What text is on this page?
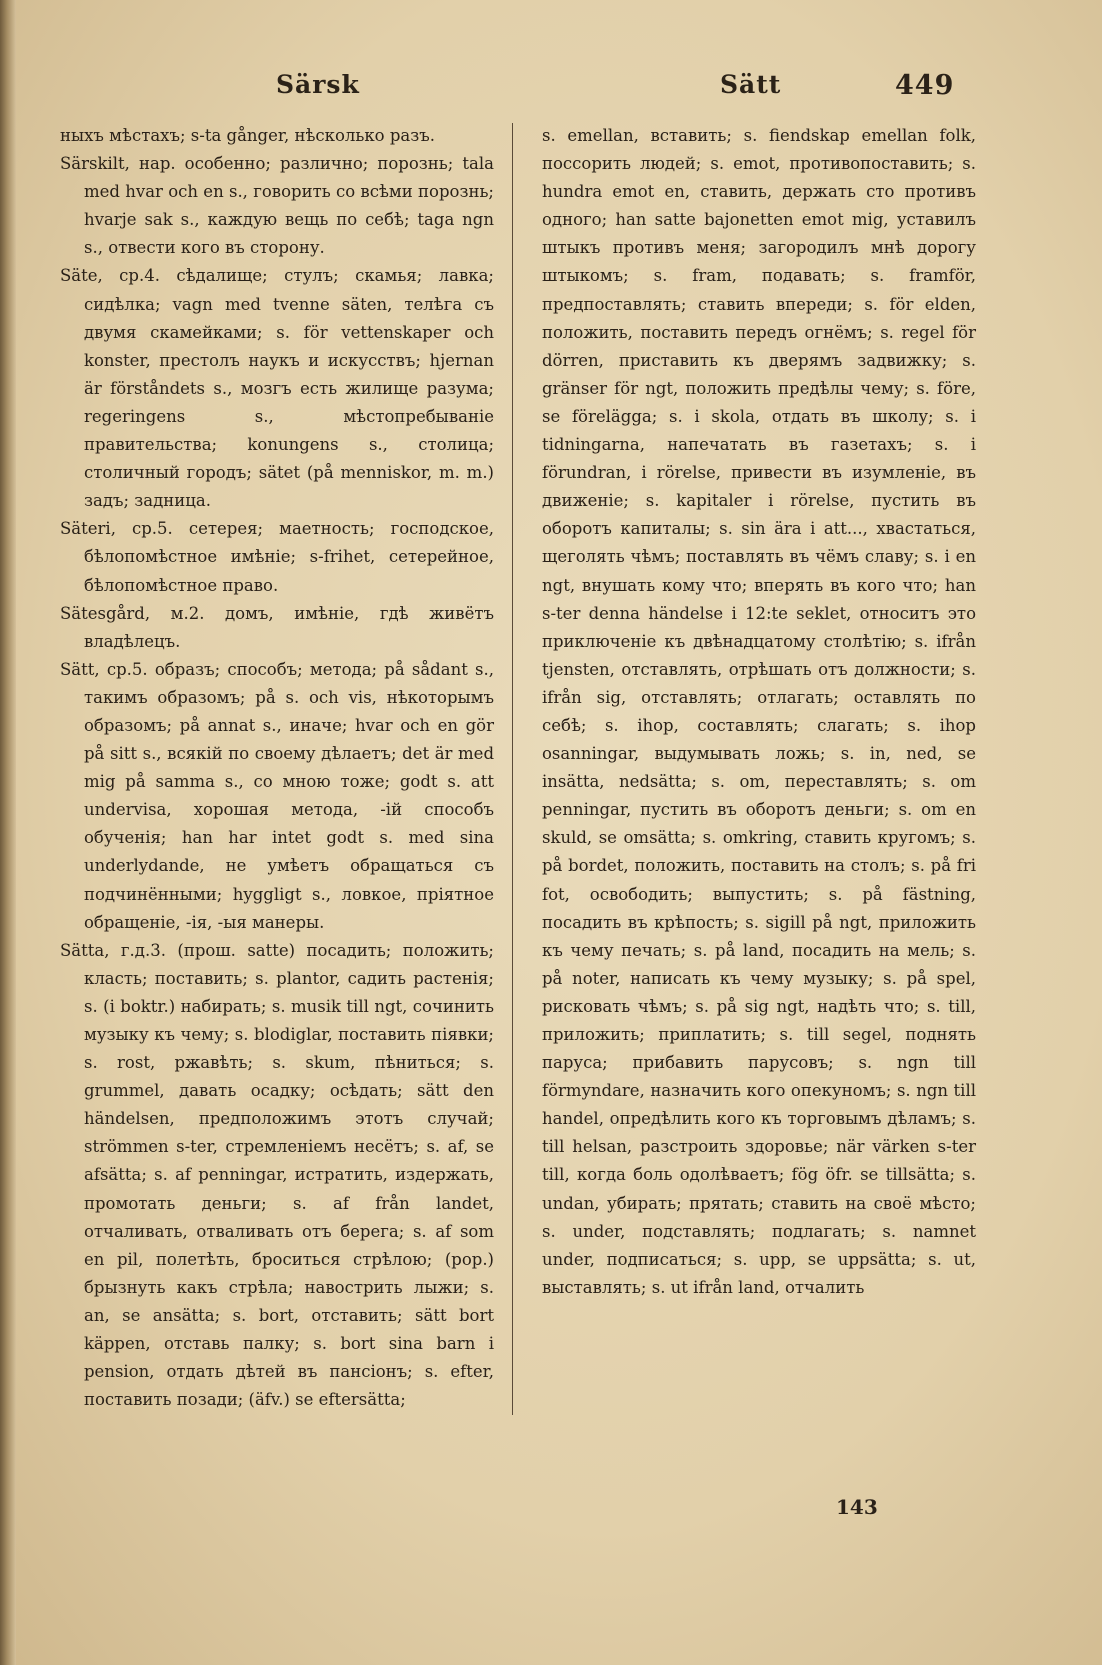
Särsk	Sätt	449

ныхъ мѣстахъ; s-ta gånger, нѣсколько разъ.

Särskilt, нар. особенно; различно; порознь; tala med hvar och en s., говорить со всѣми порознь; hvarje sak s., каждую вещь по себѣ; taga ngn s., отвести кого въ сторону.

Säte, ср.4. сѣдалище; стулъ; скамья; лавка; сидѣлка; vagn med tvenne säten, телѣга съ двумя скамейками; s. för vettenskaper och konster, престолъ наукъ и искусствъ; hjernan är förståndets s., мозгъ есть жилище разума; regeringens s., мѣстопребываніе правительства; konungens s., столица; столичный городъ; sätet (på menniskor, m. m.) задъ; задница.

Säteri, ср.5. сетерея; маетность; господское, бѣлопомѣстное имѣніе; s-frihet, сетерейное, бѣлопомѣстное право.

Sätesgård, м.2. домъ, имѣніе, гдѣ живётъ владѣлецъ.

Sätt, ср.5. образъ; способъ; метода; på sådant s., такимъ образомъ; på s. och vis, нѣкоторымъ образомъ; på annat s., иначе; hvar och en gör på sitt s., всякій по своему дѣлаетъ; det är med mig på samma s., со мною тоже; godt s. att undervisa, хорошая метода, -ій способъ обученія; han har intet godt s. med sina underlydande, не умѣетъ обращаться съ подчинёнными; hyggligt s., ловкое, пріятное обращеніе, -ія, -ыя манеры.

Sätta, г.д.3. (прош. satte) посадить; положить; класть; поставить; s. plantor, садить растенія; s. (i boktr.) набирать; s. musik till ngt, сочинить музыку къ чему; s. blodiglar, поставить піявки; s. rost, ржавѣть; s. skum, пѣниться; s. grummel, давать осадку; осѣдать; sätt den händelsen, предположимъ этотъ случай; strömmen s-ter, стремленіемъ несётъ; s. af, se afsätta; s. af penningar, истратить, издержать, промотать деньги; s. af från landet, отчаливать, отваливать отъ берега; s. af som en pil, полетѣть, броситься стрѣлою; (pop.) брызнуть какъ стрѣла; навострить лыжи; s. an, se ansätta; s. bort, отставить; sätt bort käppen, отставь палку; s. bort sina barn i pension, отдать дѣтей въ пансіонъ; s. efter, поставить позади; (äfv.) se eftersätta;

s. emellan, вставить; s. fiendskap emellan folk, поссорить людей; s. emot, противопоставить; s. hundra emot en, ставить, держать сто противъ одного; han satte bajonetten emot mig, уставилъ штыкъ противъ меня; загородилъ мнѣ дорогу штыкомъ; s. fram, подавать; s. framför, предпоставлять; ставить впереди; s. för elden, положить, поставить передъ огнёмъ; s. regel för dörren, приставить къ дверямъ задвижку; s. gränser för ngt, положить предѣлы чему; s. före, se förelägga; s. i skola, отдать въ школу; s. i tidningarna, напечатать въ газетахъ; s. i förundran, i rörelse, привести въ изумленіе, въ движеніе; s. kapitaler i rörelse, пустить въ оборотъ капиталы; s. sin ära i att..., хвастаться, щеголять чѣмъ; поставлять въ чёмъ славу; s. i en ngt, внушать кому что; вперять въ кого что; han s-ter denna händelse i 12:te seklet, относитъ это приключеніе къ двѣнадцатому столѣтію; s. ifrån tjensten, отставлять, отрѣшать отъ должности; s. ifrån sig, отставлять; отлагать; оставлять по себѣ; s. ihop, составлять; слагать; s. ihop osanningar, выдумывать ложь; s. in, ned, se insätta, nedsätta; s. om, переставлять; s. om penningar, пустить въ оборотъ деньги; s. om en skuld, se omsätta; s. omkring, ставить кругомъ; s. på bordet, положить, поставить на столъ; s. på fri fot, освободить; выпустить; s. på fästning, посадить въ крѣпость; s. sigill på ngt, приложить къ чему печать; s. på land, посадить на мель; s. på noter, написать къ чему музыку; s. på spel, рисковать чѣмъ; s. på sig ngt, надѣть что; s. till, приложить; приплатить; s. till segel, поднять паруса; прибавить парусовъ; s. ngn till förmyndare, назначить кого опекуномъ; s. ngn till handel, опредѣлить кого къ торговымъ дѣламъ; s. till helsan, разстроить здоровье; när värken s-ter till, когда боль одолѣваетъ; fög öfr. se tillsätta; s. undan, убирать; прятать; ставить на своё мѣсто; s. under, подставлять; подлагать; s. namnet under, подписаться; s. upp, se uppsätta; s. ut, выставлять; s. ut ifrån land, отчалить

143
